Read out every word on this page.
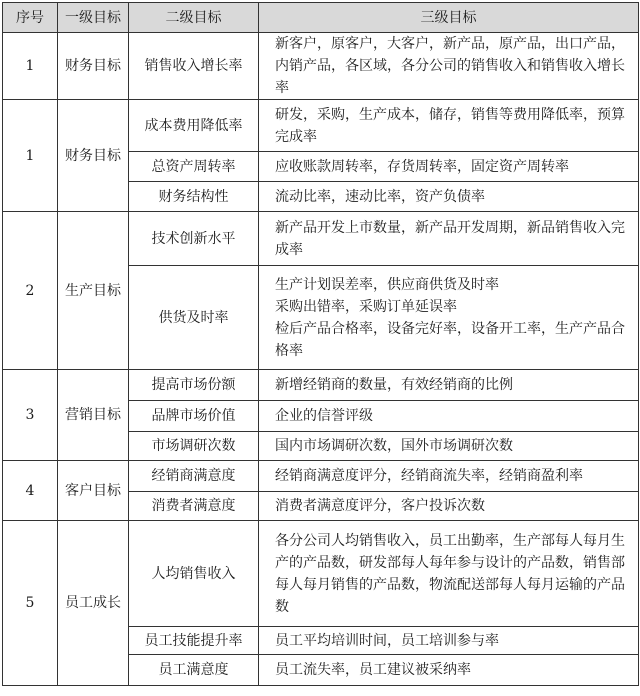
序号	一级目标	二级目标	三级目标
1	财务目标	销售收入增长率	新客户，原客户，大客户，新产品，原产品，出口产品，内销产品，各区域，各分公司的销售收入和销售收入增长率

1	财务目标	成本费用降低率	研发，采购，生产成本，储存，销售等费用降低率，预算完成率

		总资产周转率	应收账款周转率，存货周转率，固定资产周转率

		财务结构性	流动比率，速动比率，资产负债率

2	生产目标	技术创新水平	新产品开发上市数量，新产品开发周期，新品销售收入完成率

		供货及时率	生产计划误差率，供应商供货及时率
采购出错率，采购订单延误率
检后产品合格率，设备完好率，设备开工率，生产产品合格率

3	营销目标	提高市场份额	新增经销商的数量，有效经销商的比例

		品牌市场价值	企业的信誉评级

		市场调研次数	国内市场调研次数，国外市场调研次数

4	客户目标	经销商满意度	经销商满意度评分，经销商流失率，经销商盈利率

		消费者满意度	消费者满意度评分，客户投诉次数

5	员工成长	人均销售收入	各分公司人均销售收入，员工出勤率，生产部每人每月生产的产品数，研发部每人每年参与设计的产品数，销售部每人每月销售的产品数，物流配送部每人每月运输的产品数

		员工技能提升率	员工平均培训时间，员工培训参与率

		员工满意度	员工流失率，员工建议被采纳率
